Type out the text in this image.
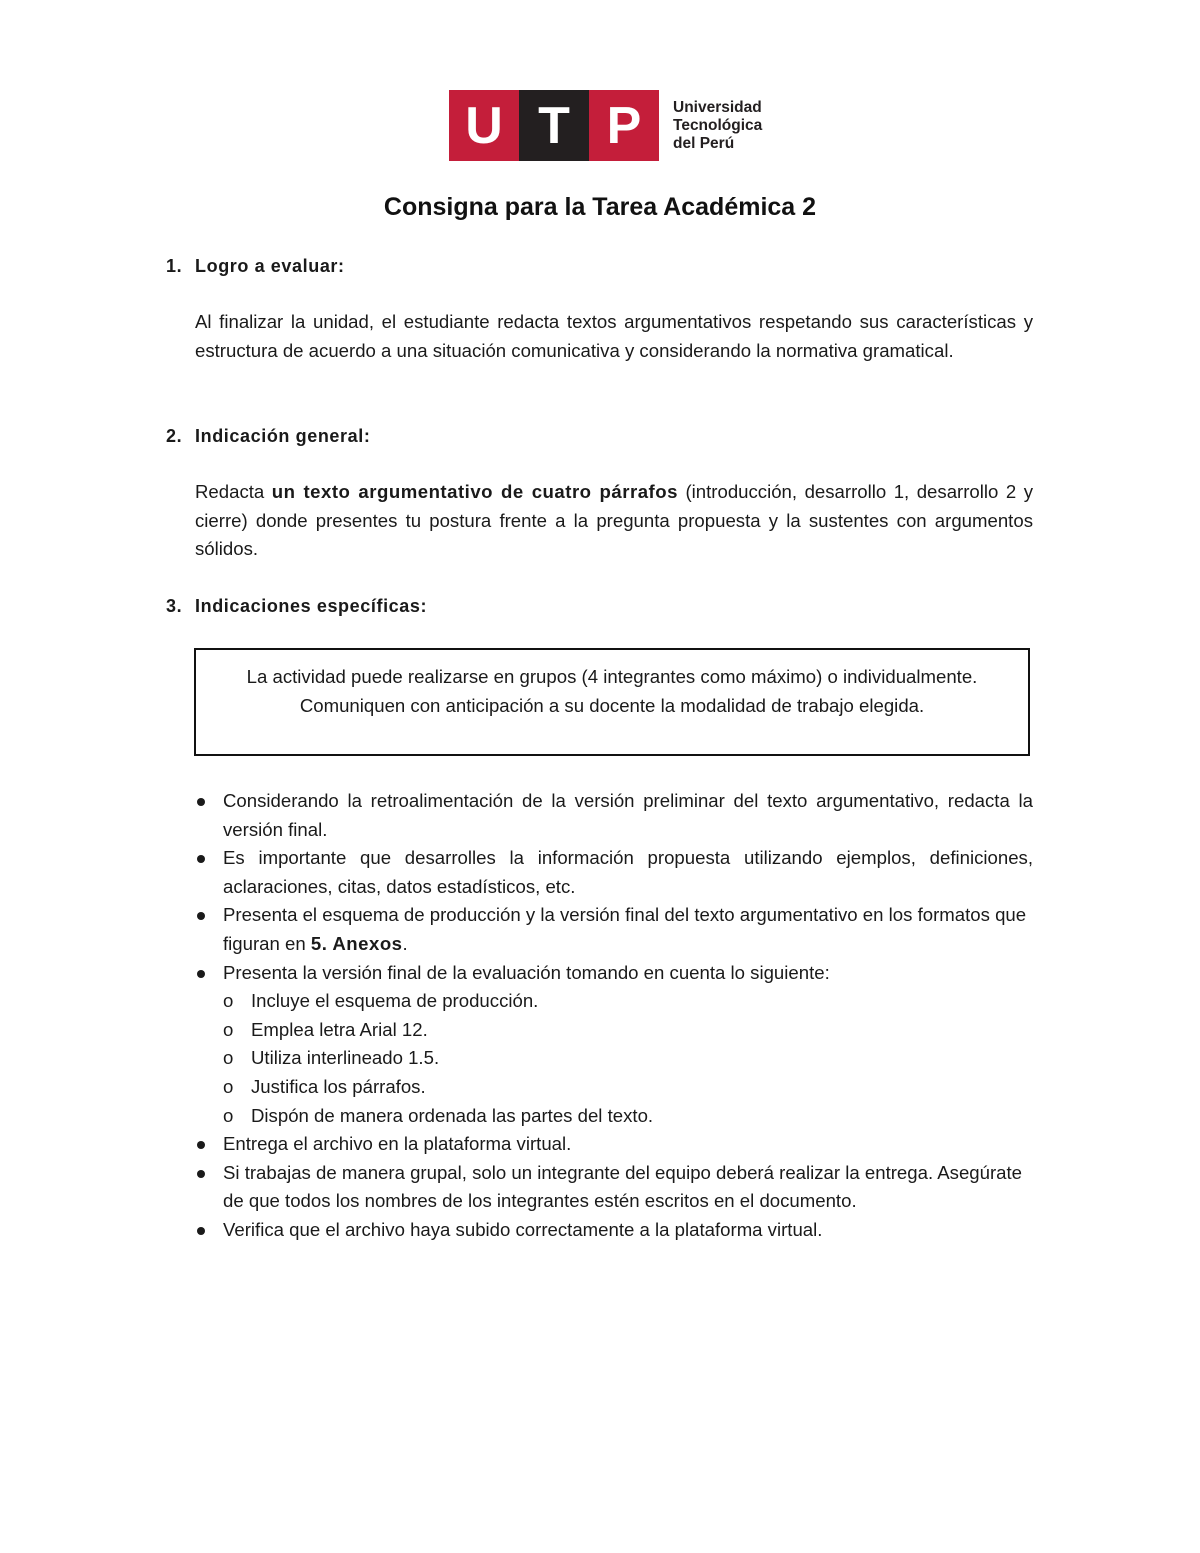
U T P	Universidad
Tecnológica
del Perú
Consigna para la Tarea Académica 2
1. Logro a evaluar:
Al finalizar la unidad, el estudiante redacta textos argumentativos respetando sus características y estructura de acuerdo a una situación comunicativa y considerando la normativa gramatical.
2. Indicación general:
Redacta un texto argumentativo de cuatro párrafos (introducción, desarrollo 1, desarrollo 2 y cierre) donde presentes tu postura frente a la pregunta propuesta y la sustentes con argumentos sólidos.
3. Indicaciones específicas:
La actividad puede realizarse en grupos (4 integrantes como máximo) o individualmente. Comuniquen con anticipación a su docente la modalidad de trabajo elegida.
Considerando la retroalimentación de la versión preliminar del texto argumentativo, redacta la versión final.
Es importante que desarrolles la información propuesta utilizando ejemplos, definiciones, aclaraciones, citas, datos estadísticos, etc.
Presenta el esquema de producción y la versión final del texto argumentativo en los formatos que figuran en 5. Anexos.
Presenta la versión final de la evaluación tomando en cuenta lo siguiente:
o Incluye el esquema de producción.
o Emplea letra Arial 12.
o Utiliza interlineado 1.5.
o Justifica los párrafos.
o Dispón de manera ordenada las partes del texto.
Entrega el archivo en la plataforma virtual.
Si trabajas de manera grupal, solo un integrante del equipo deberá realizar la entrega. Asegúrate de que todos los nombres de los integrantes estén escritos en el documento.
Verifica que el archivo haya subido correctamente a la plataforma virtual.
